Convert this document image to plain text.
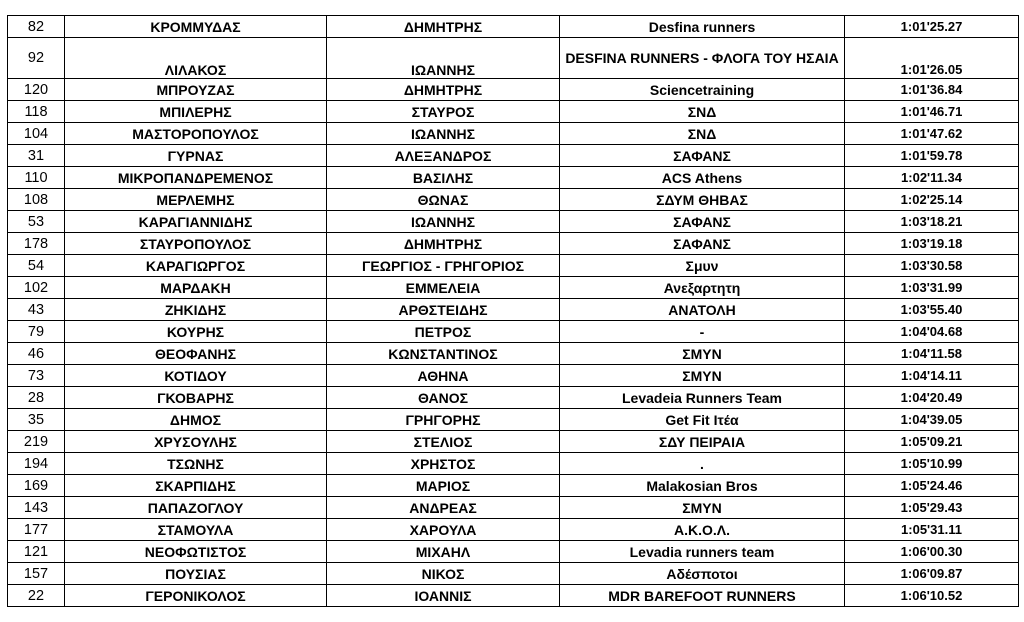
82	ΚΡΟΜΜΥΔΑΣ	ΔΗΜΗΤΡΗΣ	Desfina runners	1:01'25.27
92	ΛΙΛΑΚΟΣ	ΙΩΑΝΝΗΣ	DESFINA RUNNERS - ΦΛΟΓΑ ΤΟΥ ΗΣΑΙΑ	1:01'26.05
120	ΜΠΡΟΥΖΑΣ	ΔΗΜΗΤΡΗΣ	Sciencetraining	1:01'36.84
118	ΜΠΙΛΕΡΗΣ	ΣΤΑΥΡΟΣ	ΣΝΔ	1:01'46.71
104	ΜΑΣΤΟΡΟΠΟΥΛΟΣ	ΙΩΑΝΝΗΣ	ΣΝΔ	1:01'47.62
31	ΓΥΡΝΑΣ	ΑΛΕΞΑΝΔΡΟΣ	ΣΑΦΑΝΣ	1:01'59.78
110	ΜΙΚΡΟΠΑΝΔΡΕΜΕΝΟΣ	ΒΑΣΙΛΗΣ	ACS Athens	1:02'11.34
108	ΜΕΡΛΕΜΗΣ	ΘΩΝΑΣ	ΣΔΥΜ ΘΗΒΑΣ	1:02'25.14
53	ΚΑΡΑΓΙΑΝΝΙΔΗΣ	ΙΩΑΝΝΗΣ	ΣΑΦΑΝΣ	1:03'18.21
178	ΣΤΑΥΡΟΠΟΥΛΟΣ	ΔΗΜΗΤΡΗΣ	ΣΑΦΑΝΣ	1:03'19.18
54	ΚΑΡΑΓΙΩΡΓΟΣ	ΓΕΩΡΓΙΟΣ - ΓΡΗΓΟΡΙΟΣ	Σμυν	1:03'30.58
102	ΜΑΡΔΑΚΗ	ΕΜΜΕΛΕΙΑ	Ανεξαρτητη	1:03'31.99
43	ΖΗΚΙΔΗΣ	ΑΡΘΣΤΕΙΔΗΣ	ΑΝΑΤΟΛΗ	1:03'55.40
79	ΚΟΥΡΗΣ	ΠΕΤΡΟΣ	-	1:04'04.68
46	ΘΕΟΦΑΝΗΣ	ΚΩΝΣΤΑΝΤΙΝΟΣ	ΣΜΥΝ	1:04'11.58
73	ΚΟΤΙΔΟΥ	ΑΘΗΝΑ	ΣΜΥΝ	1:04'14.11
28	ΓΚΟΒΑΡΗΣ	ΘΑΝΟΣ	Levadeia Runners Team	1:04'20.49
35	ΔΗΜΟΣ	ΓΡΗΓΟΡΗΣ	Get Fit Ιτέα	1:04'39.05
219	ΧΡΥΣΟΥΛΗΣ	ΣΤΕΛΙΟΣ	ΣΔΥ ΠΕΙΡΑΙΑ	1:05'09.21
194	ΤΣΩΝΗΣ	ΧΡΗΣΤΟΣ	.	1:05'10.99
169	ΣΚΑΡΠΙΔΗΣ	ΜΑΡΙΟΣ	Malakosian Bros	1:05'24.46
143	ΠΑΠΑΖΟΓΛΟΥ	ΑΝΔΡΕΑΣ	ΣΜΥΝ	1:05'29.43
177	ΣΤΑΜΟΥΛΑ	ΧΑΡΟΥΛΑ	Α.Κ.Ο.Λ.	1:05'31.11
121	ΝΕΟΦΩΤΙΣΤΟΣ	ΜΙΧΑΗΛ	Levadia runners team	1:06'00.30
157	ΠΟΥΣΙΑΣ	ΝΙΚΟΣ	Αδέσποτοι	1:06'09.87
22	ΓΕΡΟΝΙΚΟΛΟΣ	ΙΟΑΝΝΙΣ	MDR BAREFOOT RUNNERS	1:06'10.52
